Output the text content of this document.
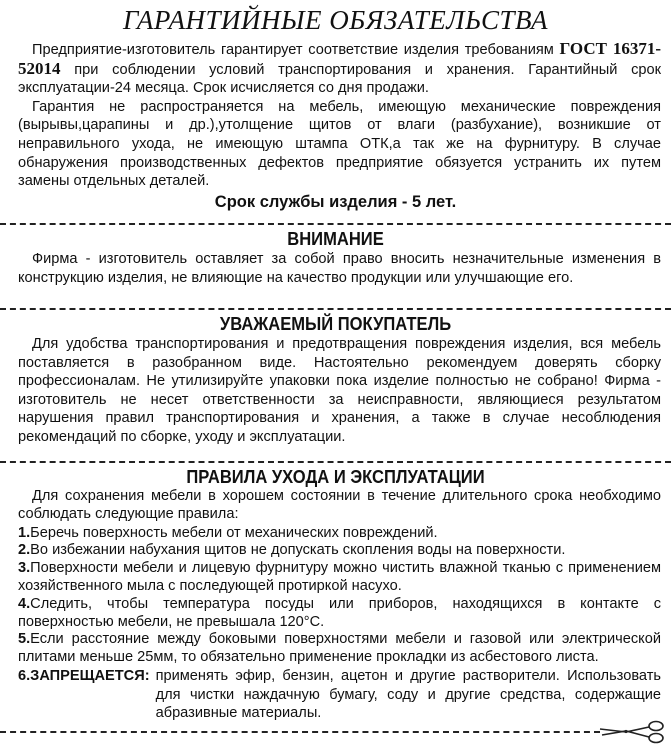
ГАРАНТИЙНЫЕ ОБЯЗАТЕЛЬСТВА

Предприятие-изготовитель гарантирует соответствие изделия требованиям ГОСТ 16371-52014 при соблюдении условий транспортирования и хранения. Гарантийный срок эксплуатации-24 месяца. Срок исчисляется со дня продажи.

Гарантия не распространяется на мебель, имеющую механические повреждения (вырывы,царапины и др.),утолщение щитов от влаги (разбухание), возникшие от неправильного ухода, не имеющую штампа ОТК,а так же на фурнитуру. В случае обнаружения производственных дефектов предприятие обязуется устранить их путем замены отдельных деталей.

Срок службы изделия - 5 лет.
ВНИМАНИЕ

Фирма - изготовитель оставляет за собой право вносить незначительные изменения в конструкцию изделия, не влияющие на качество продукции или улучшающие его.

УВАЖАЕМЫЙ ПОКУПАТЕЛЬ

Для удобства транспортирования и предотвращения повреждения изделия, вся мебель поставляется в разобранном виде. Настоятельно рекомендуем доверять сборку профессионалам. Не утилизируйте упаковки пока изделие полностью не собрано! Фирма - изготовитель не несет ответственности за неисправности, являющиеся результатом нарушения правил транспортирования и хранения, а также в случае несоблюдения рекомендаций по сборке, уходу и эксплуатации.

ПРАВИЛА УХОДА И ЭКСПЛУАТАЦИИ

Для сохранения мебели в хорошем состоянии в течение длительного срока необходимо соблюдать следующие правила:

1.Беречь поверхность мебели от механических повреждений.

2.Во избежании набухания щитов не допускать скопления воды на поверхности.

3.Поверхности мебели и лицевую фурнитуру можно чистить влажной тканью с применением хозяйственного мыла с последующей протиркой насухо.

4.Следить, чтобы температура посуды или приборов, находящихся в контакте с поверхностью мебели, не превышала 120°С.

5.Если расстояние между боковыми поверхностями мебели и газовой или электрической плитами меньше 25мм, то обязательно применение прокладки из асбестового листа.

6.ЗАПРЕЩАЕТСЯ: применять эфир, бензин, ацетон и другие растворители. Использовать для чистки наждачную бумагу, соду и другие средства, содержащие абразивные материалы.
